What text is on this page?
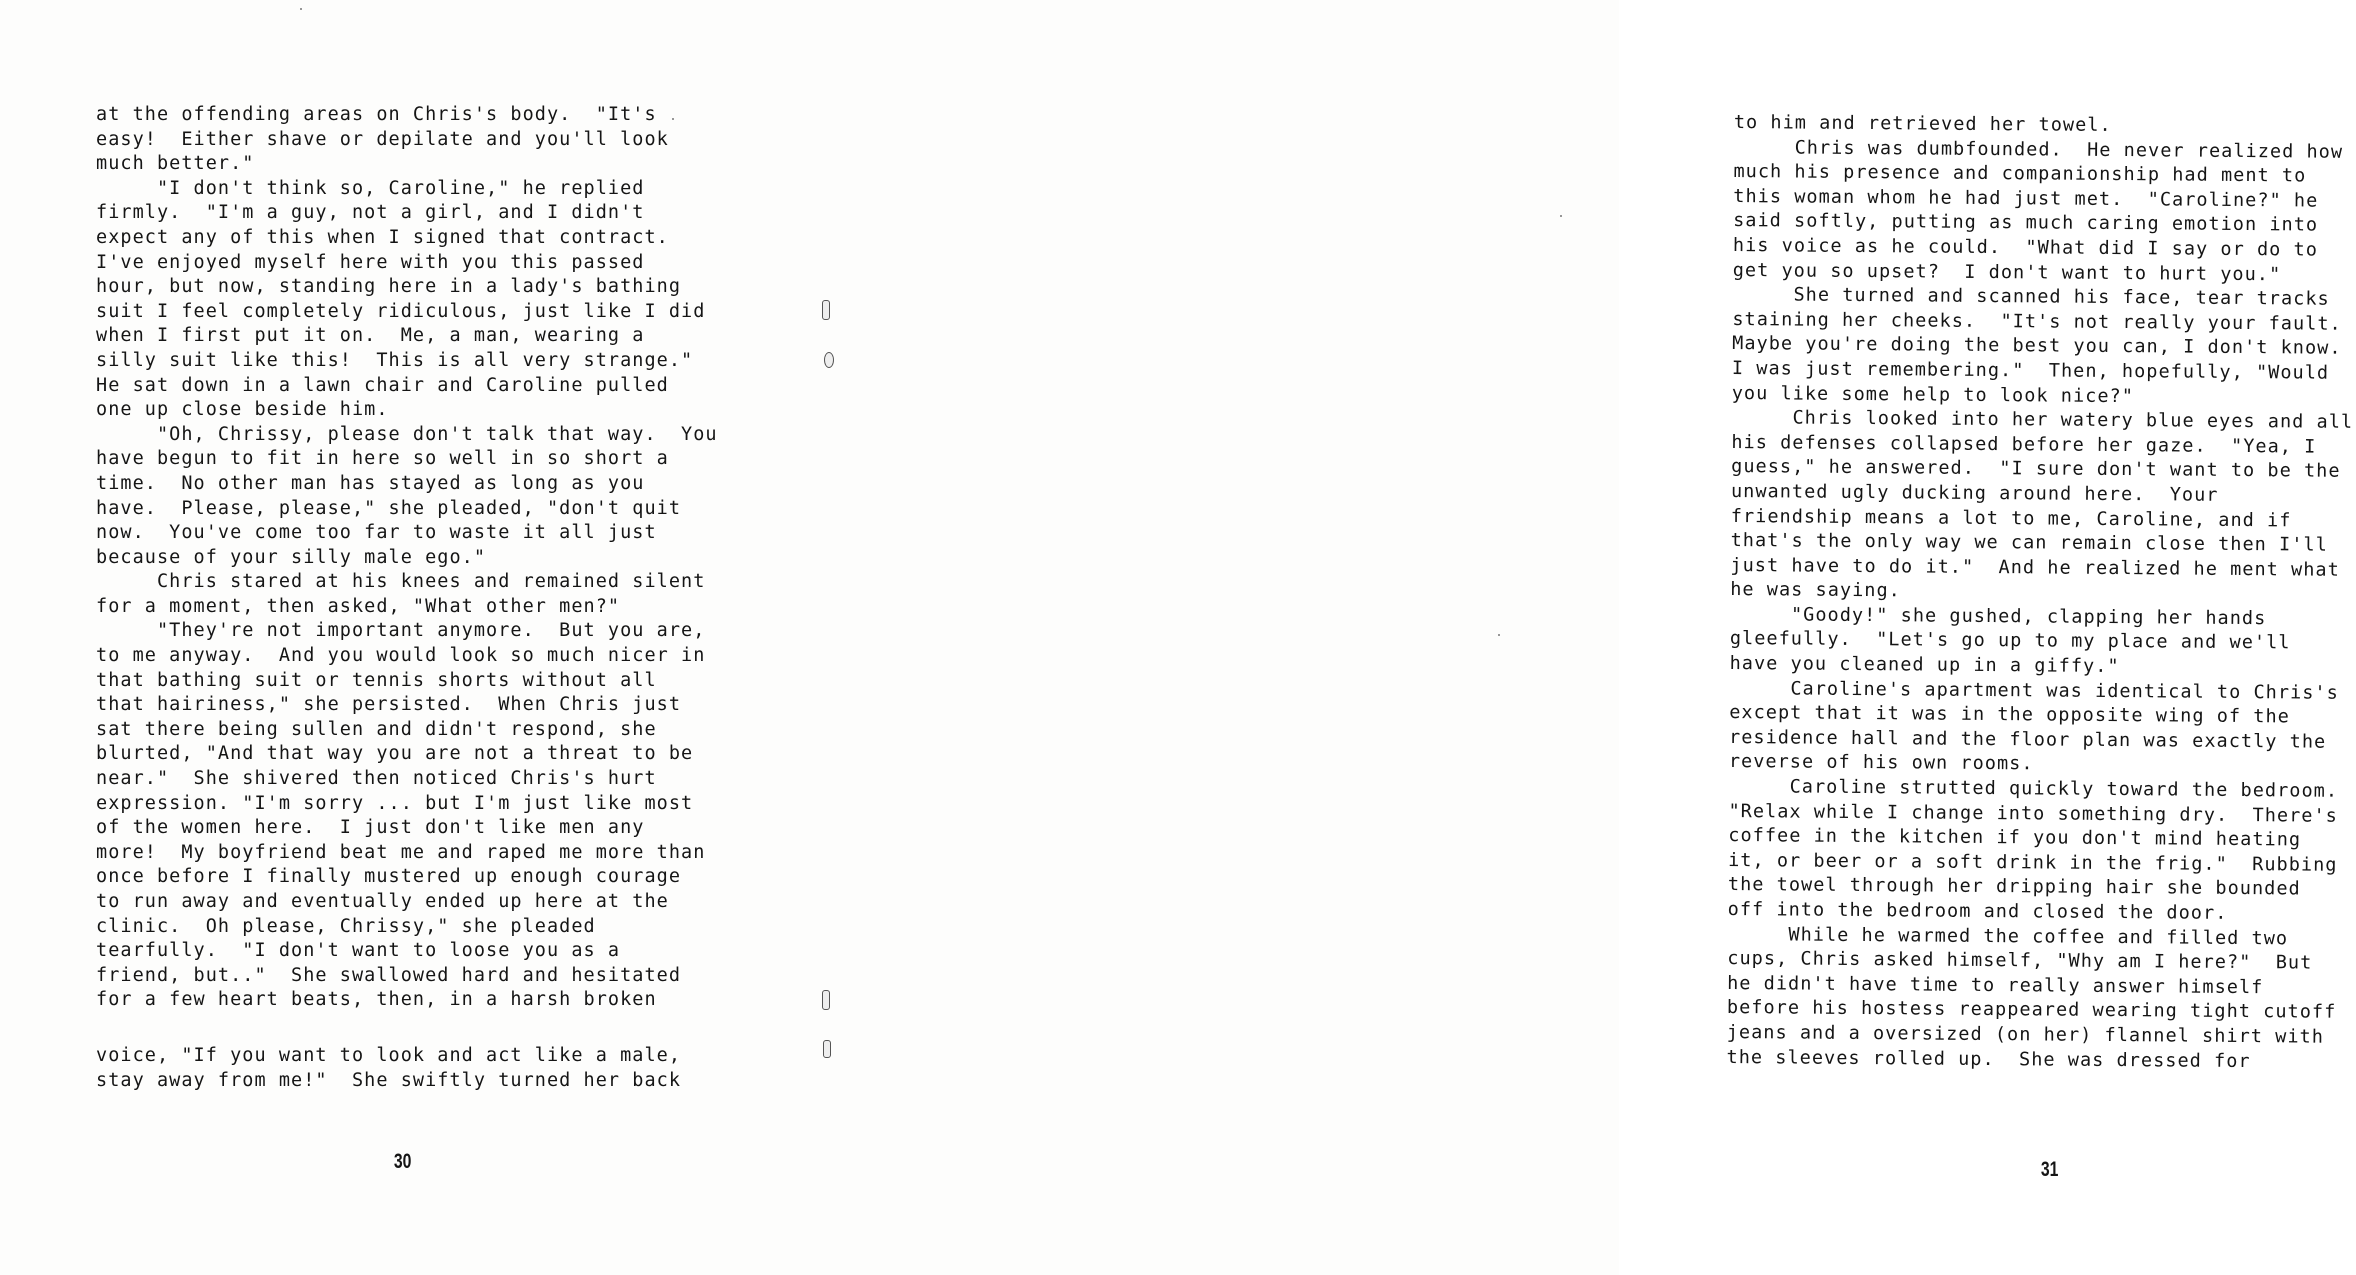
at the offending areas on Chris's body.  "It's
easy!  Either shave or depilate and you'll look
much better."
"I don't think so, Caroline," he replied
firmly.  "I'm a guy, not a girl, and I didn't
expect any of this when I signed that contract.
I've enjoyed myself here with you this passed
hour, but now, standing here in a lady's bathing
suit I feel completely ridiculous, just like I did
when I first put it on.  Me, a man, wearing a
silly suit like this!  This is all very strange."
He sat down in a lawn chair and Caroline pulled
one up close beside him.
"Oh, Chrissy, please don't talk that way.  You
have begun to fit in here so well in so short a
time.  No other man has stayed as long as you
have.  Please, please," she pleaded, "don't quit
now.  You've come too far to waste it all just
because of your silly male ego."
Chris stared at his knees and remained silent
for a moment, then asked, "What other men?"
"They're not important anymore.  But you are,
to me anyway.  And you would look so much nicer in
that bathing suit or tennis shorts without all
that hairiness," she persisted.  When Chris just
sat there being sullen and didn't respond, she
blurted, "And that way you are not a threat to be
near."  She shivered then noticed Chris's hurt
expression. "I'm sorry ... but I'm just like most
of the women here.  I just don't like men any
more!  My boyfriend beat me and raped me more than
once before I finally mustered up enough courage
to run away and eventually ended up here at the
clinic.  Oh please, Chrissy," she pleaded
tearfully.  "I don't want to loose you as a
friend, but.."  She swallowed hard and hesitated
for a few heart beats, then, in a harsh broken
voice, "If you want to look and act like a male,
stay away from me!"  She swiftly turned her back
30
to him and retrieved her towel.
Chris was dumbfounded.  He never realized how
much his presence and companionship had ment to
this woman whom he had just met.  "Caroline?" he
said softly, putting as much caring emotion into
his voice as he could.  "What did I say or do to
get you so upset?  I don't want to hurt you."
She turned and scanned his face, tear tracks
staining her cheeks.  "It's not really your fault.
Maybe you're doing the best you can, I don't know.
I was just remembering."  Then, hopefully, "Would
you like some help to look nice?"
Chris looked into her watery blue eyes and all
his defenses collapsed before her gaze.  "Yea, I
guess," he answered.  "I sure don't want to be the
unwanted ugly ducking around here.  Your
friendship means a lot to me, Caroline, and if
that's the only way we can remain close then I'll
just have to do it."  And he realized he ment what
he was saying.
"Goody!" she gushed, clapping her hands
gleefully.  "Let's go up to my place and we'll
have you cleaned up in a giffy."
Caroline's apartment was identical to Chris's
except that it was in the opposite wing of the
residence hall and the floor plan was exactly the
reverse of his own rooms.
Caroline strutted quickly toward the bedroom.
"Relax while I change into something dry.  There's
coffee in the kitchen if you don't mind heating
it, or beer or a soft drink in the frig."  Rubbing
the towel through her dripping hair she bounded
off into the bedroom and closed the door.
While he warmed the coffee and filled two
cups, Chris asked himself, "Why am I here?"  But
he didn't have time to really answer himself
before his hostess reappeared wearing tight cutoff
jeans and a oversized (on her) flannel shirt with
the sleeves rolled up.  She was dressed for
31
